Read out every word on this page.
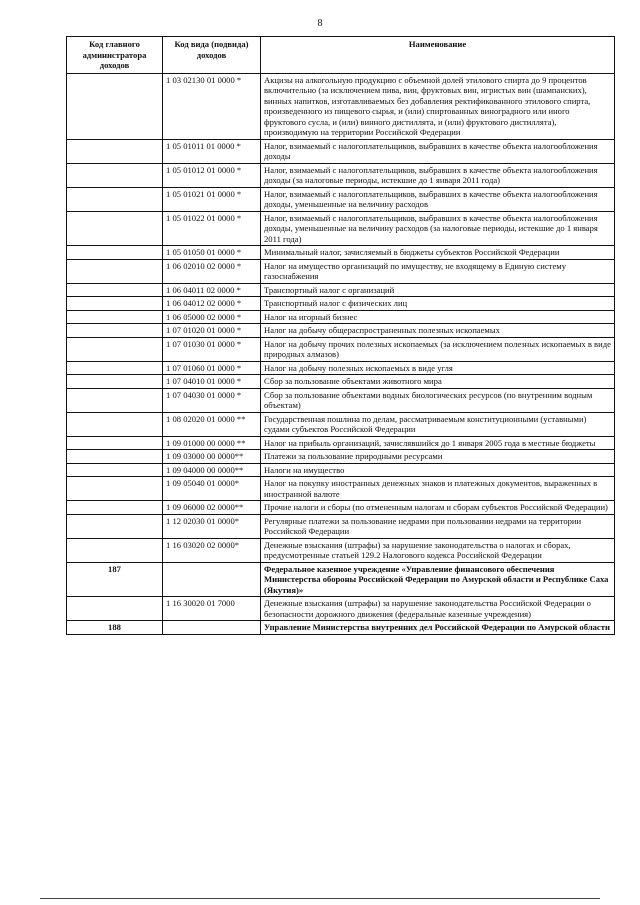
8
Код главного администратора доходов	Код вида (подвида) доходов	Наименование
	1 03 02130 01 0000 *	Акцизы на алкогольную продукцию с объемной долей этилового спирта до 9 процентов включительно (за исключением пива, вин, фруктовых вин, игристых вин (шампанских), винных напитков, изготавливаемых без добавления ректификованного этилового спирта, произведенного из пищевого сырья, и (или) спиртованных виноградного или иного фруктового сусла, и (или) винного дистиллята, и (или) фруктового дистиллята), производимую на территории Российской Федерации
	1 05 01011 01 0000 *	Налог, взимаемый с налогоплательщиков, выбравших в качестве объекта налогообложения доходы
	1 05 01012 01 0000 *	Налог, взимаемый с налогоплательщиков, выбравших в качестве объекта налогообложения доходы (за налоговые периоды, истекшие до 1 января 2011 года)
	1 05 01021 01 0000 *	Налог, взимаемый с налогоплательщиков, выбравших в качестве объекта налогообложения доходы, уменьшенные на величину расходов
	1 05 01022 01 0000 *	Налог, взимаемый с налогоплательщиков, выбравших в качестве объекта налогообложения доходы, уменьшенные на величину расходов (за налоговые периоды, истекшие до 1 января 2011 года)
	1 05 01050 01 0000 *	Минимальный налог, зачисляемый в бюджеты субъектов Российской Федерации
	1 06 02010 02 0000 *	Налог на имущество организаций по имуществу, не входящему в Единую систему газоснабжения
	1 06 04011 02 0000 *	Транспортный налог с организаций
	1 06 04012 02 0000 *	Транспортный налог с физических лиц
	1 06 05000 02 0000 *	Налог на игорный бизнес
	1 07 01020 01 0000 *	Налог на добычу общераспространенных полезных ископаемых
	1 07 01030 01 0000 *	Налог на добычу прочих полезных ископаемых (за исключением полезных ископаемых в виде природных алмазов)
	1 07 01060 01 0000 *	Налог на добычу полезных ископаемых в виде угля
	1 07 04010 01 0000 *	Сбор за пользование объектами животного мира
	1 07 04030 01 0000 *	Сбор за пользование объектами водных биологических ресурсов (по внутренним водным объектам)
	1 08 02020 01 0000 **	Государственная пошлина по делам, рассматриваемым конституционными (уставными) судами субъектов Российской Федерации
	1 09 01000 00 0000 **	Налог на прибыль организаций, зачислявшийся до 1 января 2005 года в местные бюджеты
	1 09 03000 00 0000**	Платежи за пользование природными ресурсами
	1 09 04000 00 0000**	Налоги на имущество
	1 09 05040 01 0000*	Налог на покупку иностранных денежных знаков и платежных документов, выраженных в иностранной валюте
	1 09 06000 02 0000**	Прочие налоги и сборы (по отмененным налогам и сборам субъектов Российской Федерации)
	1 12 02030 01 0000*	Регулярные платежи за пользование недрами при пользовании недрами на территории Российской Федерации
	1 16 03020 02 0000*	Денежные взыскания (штрафы) за нарушение законодательства о налогах и сборах, предусмотренные статьей 129.2 Налогового кодекса Российской Федерации
187		Федеральное казенное учреждение «Управление финансового обеспечения Министерства обороны Российской Федерации по Амурской области и Республике Саха (Якутия)»
	1 16 30020 01 7000	Денежные взыскания (штрафы) за нарушение законодательства Российской Федерации о безопасности дорожного движения (федеральные казенные учреждения)
188		Управление Министерства внутренних дел Российской Федерации по Амурской области
